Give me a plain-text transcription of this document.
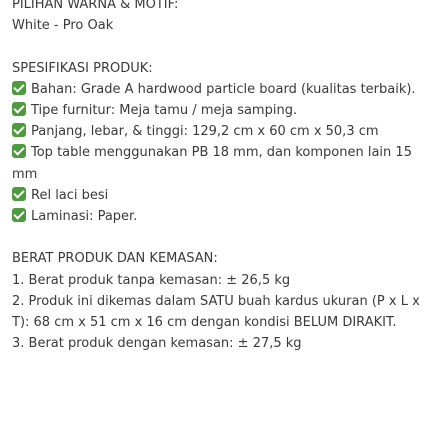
PILIHAN WARNA & MOTIF:
White - Pro Oak
SPESIFIKASI PRODUK:
Bahan: Grade A hardwood particle board (kualitas terbaik).
Tipe furnitur: Meja tamu / meja samping.
Panjang, lebar, & tinggi: 129,2 cm x 60 cm x 50,3 cm
Top table menggunakan PB 18 mm, dan komponen lain 15 mm
Rel laci besi
Laminasi: Paper.
BERAT PRODUK DAN KEMASAN:
1. Berat produk tanpa kemasan: ± 26,5 kg
2. Produk ini dikemas dalam SATU buah kardus ukuran (P x L x T): 68 cm x 51 cm x 16 cm dengan kondisi BELUM DIRAKIT.
3. Berat produk dengan kemasan: ± 27,5 kg
